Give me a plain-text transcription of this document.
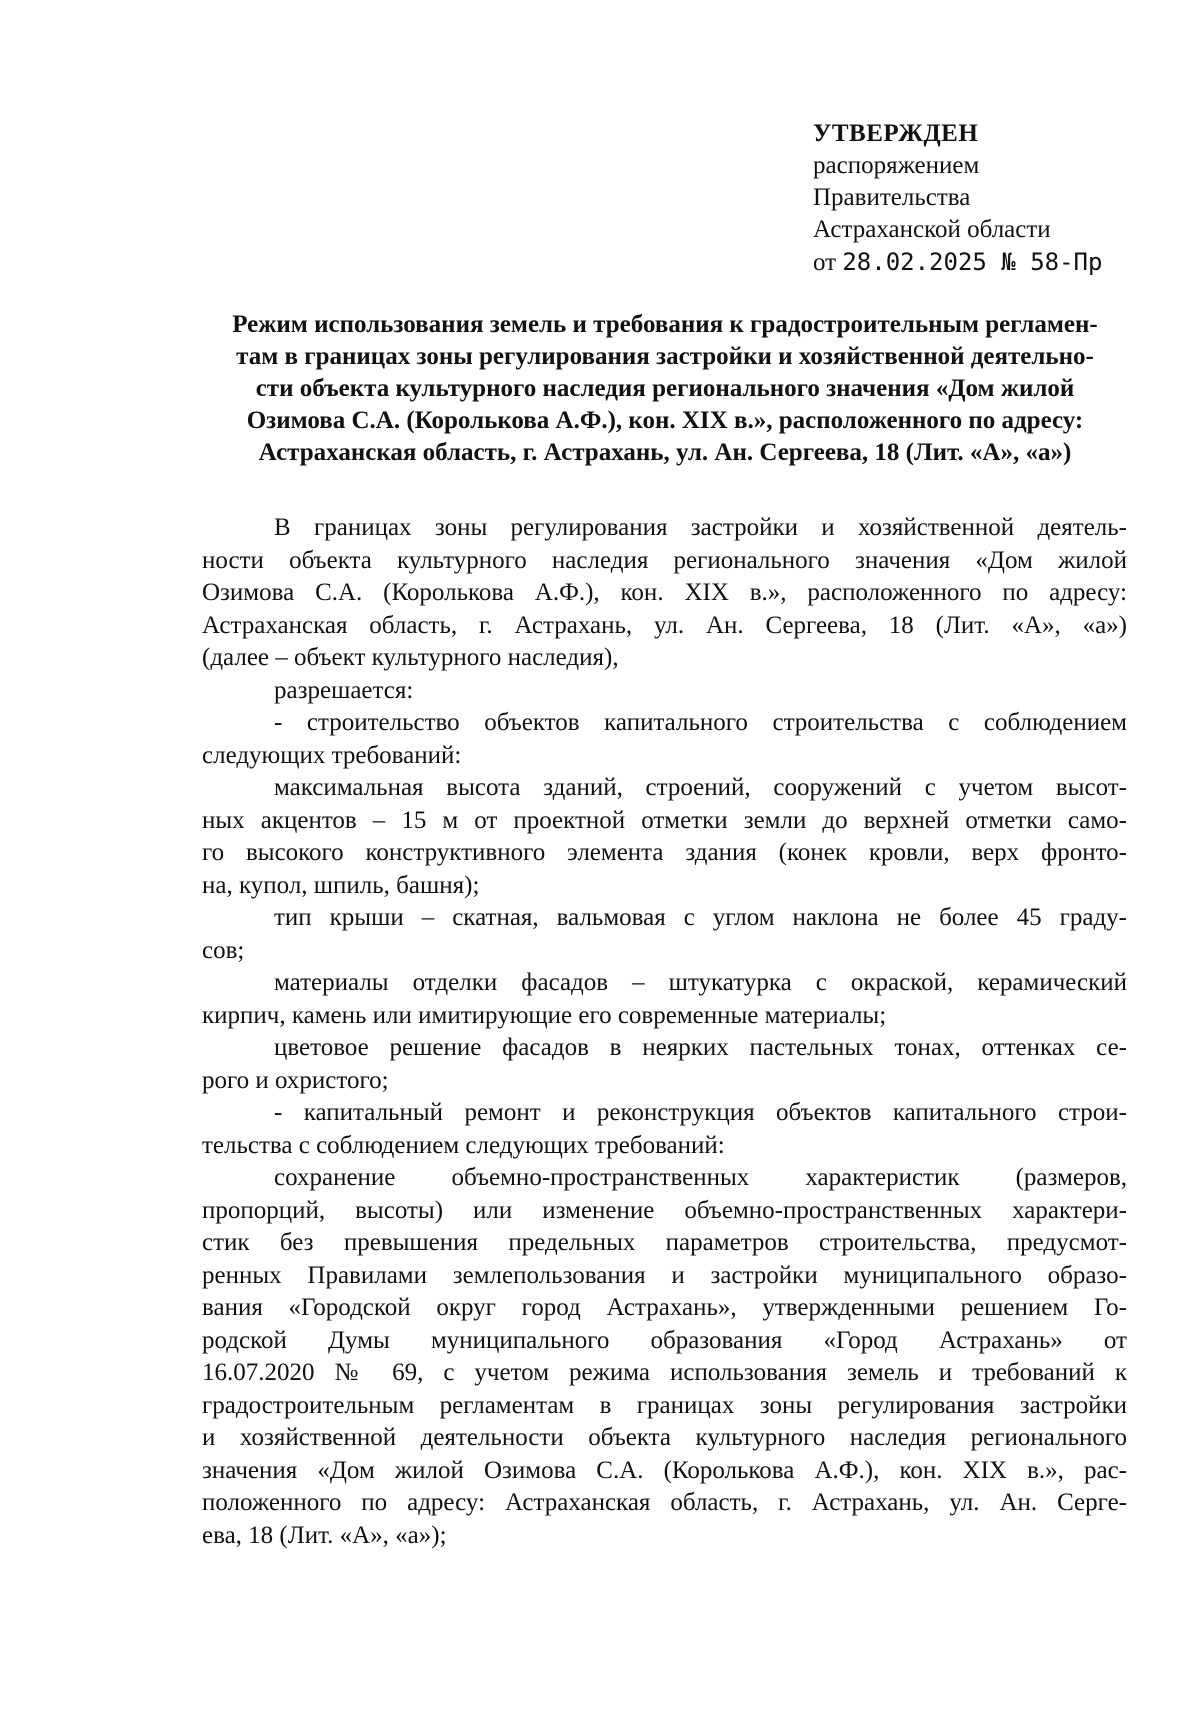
УТВЕРЖДЕН
распоряжением
Правительства
Астраханской области
от 28.02.2025 № 58-Пр
Режим использования земель и требования к градостроительным регламен-
там в границах зоны регулирования застройки и хозяйственной деятельно-
сти объекта культурного наследия регионального значения «Дом жилой
Озимова С.А. (Королькова А.Ф.), кон. XIX в.», расположенного по адресу:
Астраханская область, г. Астрахань, ул. Ан. Сергеева, 18 (Лит. «А», «а»)
В границах зоны регулирования застройки и хозяйственной деятель-
ности объекта культурного наследия регионального значения «Дом жилой
Озимова С.А. (Королькова А.Ф.), кон. XIX в.», расположенного по адресу:
Астраханская область, г. Астрахань, ул. Ан. Сергеева, 18 (Лит. «А», «а»)
(далее – объект культурного наследия),
разрешается:
- строительство объектов капитального строительства с соблюдением
следующих требований:
максимальная высота зданий, строений, сооружений с учетом высот-
ных акцентов – 15 м от проектной отметки земли до верхней отметки само-
го высокого конструктивного элемента здания (конек кровли, верх фронто-
на, купол, шпиль, башня);
тип крыши – скатная, вальмовая с углом наклона не более 45 граду-
сов;
материалы отделки фасадов – штукатурка с окраской, керамический
кирпич, камень или имитирующие его современные материалы;
цветовое решение фасадов в неярких пастельных тонах, оттенках се-
рого и охристого;
- капитальный ремонт и реконструкция объектов капитального строи-
тельства с соблюдением следующих требований:
сохранение объемно-пространственных характеристик (размеров,
пропорций, высоты) или изменение объемно-пространственных характери-
стик без превышения предельных параметров строительства, предусмот-
ренных Правилами землепользования и застройки муниципального образо-
вания «Городской округ город Астрахань», утвержденными решением Го-
родской Думы муниципального образования «Город Астрахань» от
16.07.2020 № 69, с учетом режима использования земель и требований к
градостроительным регламентам в границах зоны регулирования застройки
и хозяйственной деятельности объекта культурного наследия регионального
значения «Дом жилой Озимова С.А. (Королькова А.Ф.), кон. XIX в.», рас-
положенного по адресу: Астраханская область, г. Астрахань, ул. Ан. Серге-
ева, 18 (Лит. «А», «а»);
